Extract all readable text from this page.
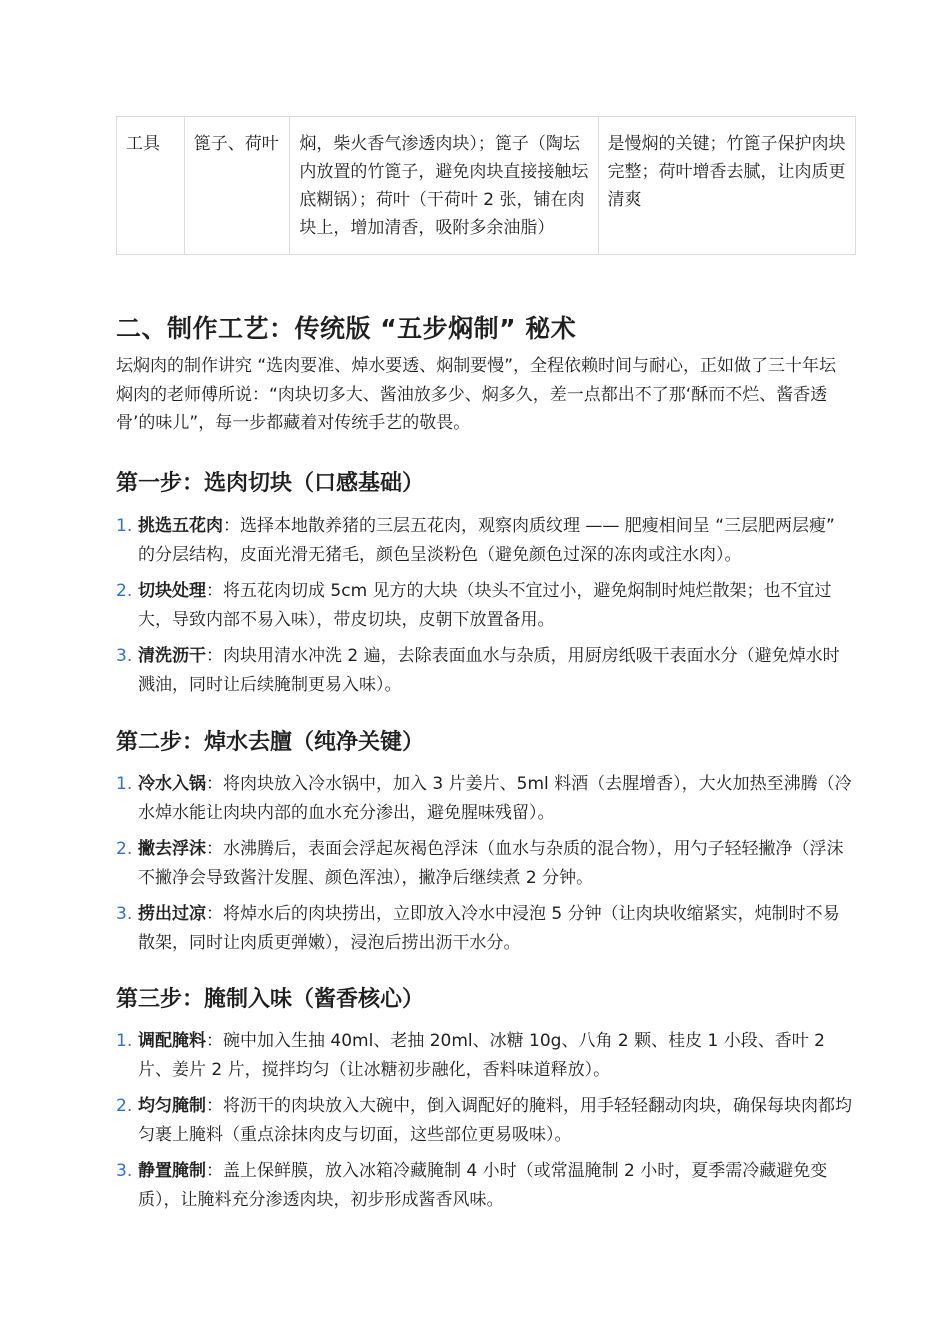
工具	篦子、荷叶	焖，柴火香气渗透肉块）；篦子（陶坛内放置的竹篦子，避免肉块直接接触坛底糊锅）；荷叶（干荷叶 2 张，铺在肉块上，增加清香，吸附多余油脂）	是慢焖的关键；竹篦子保护肉块完整；荷叶增香去腻，让肉质更清爽
二、制作工艺：传统版 “五步焖制” 秘术

坛焖肉的制作讲究 “选肉要准、焯水要透、焖制要慢”，全程依赖时间与耐心，正如做了三十年坛焖肉的老师傅所说：“肉块切多大、酱油放多少、焖多久，差一点都出不了那‘酥而不烂、酱香透骨’的味儿”，每一步都藏着对传统手艺的敬畏。

第一步：选肉切块（口感基础）
1. 挑选五花肉：选择本地散养猪的三层五花肉，观察肉质纹理 —— 肥瘦相间呈 “三层肥两层瘦” 的分层结构，皮面光滑无猪毛，颜色呈淡粉色（避免颜色过深的冻肉或注水肉）。
2. 切块处理：将五花肉切成 5cm 见方的大块（块头不宜过小，避免焖制时炖烂散架；也不宜过大，导致内部不易入味），带皮切块，皮朝下放置备用。
3. 清洗沥干：肉块用清水冲洗 2 遍，去除表面血水与杂质，用厨房纸吸干表面水分（避免焯水时溅油，同时让后续腌制更易入味）。
第二步：焯水去膻（纯净关键）
1. 冷水入锅：将肉块放入冷水锅中，加入 3 片姜片、5ml 料酒（去腥增香），大火加热至沸腾（冷水焯水能让肉块内部的血水充分渗出，避免腥味残留）。
2. 撇去浮沫：水沸腾后，表面会浮起灰褐色浮沫（血水与杂质的混合物），用勺子轻轻撇净（浮沫不撇净会导致酱汁发腥、颜色浑浊），撇净后继续煮 2 分钟。
3. 捞出过凉：将焯水后的肉块捞出，立即放入冷水中浸泡 5 分钟（让肉块收缩紧实，炖制时不易散架，同时让肉质更弹嫩），浸泡后捞出沥干水分。
第三步：腌制入味（酱香核心）
1. 调配腌料：碗中加入生抽 40ml、老抽 20ml、冰糖 10g、八角 2 颗、桂皮 1 小段、香叶 2 片、姜片 2 片，搅拌均匀（让冰糖初步融化，香料味道释放）。
2. 均匀腌制：将沥干的肉块放入大碗中，倒入调配好的腌料，用手轻轻翻动肉块，确保每块肉都均匀裹上腌料（重点涂抹肉皮与切面，这些部位更易吸味）。
3. 静置腌制：盖上保鲜膜，放入冰箱冷藏腌制 4 小时（或常温腌制 2 小时，夏季需冷藏避免变质），让腌料充分渗透肉块，初步形成酱香风味。
